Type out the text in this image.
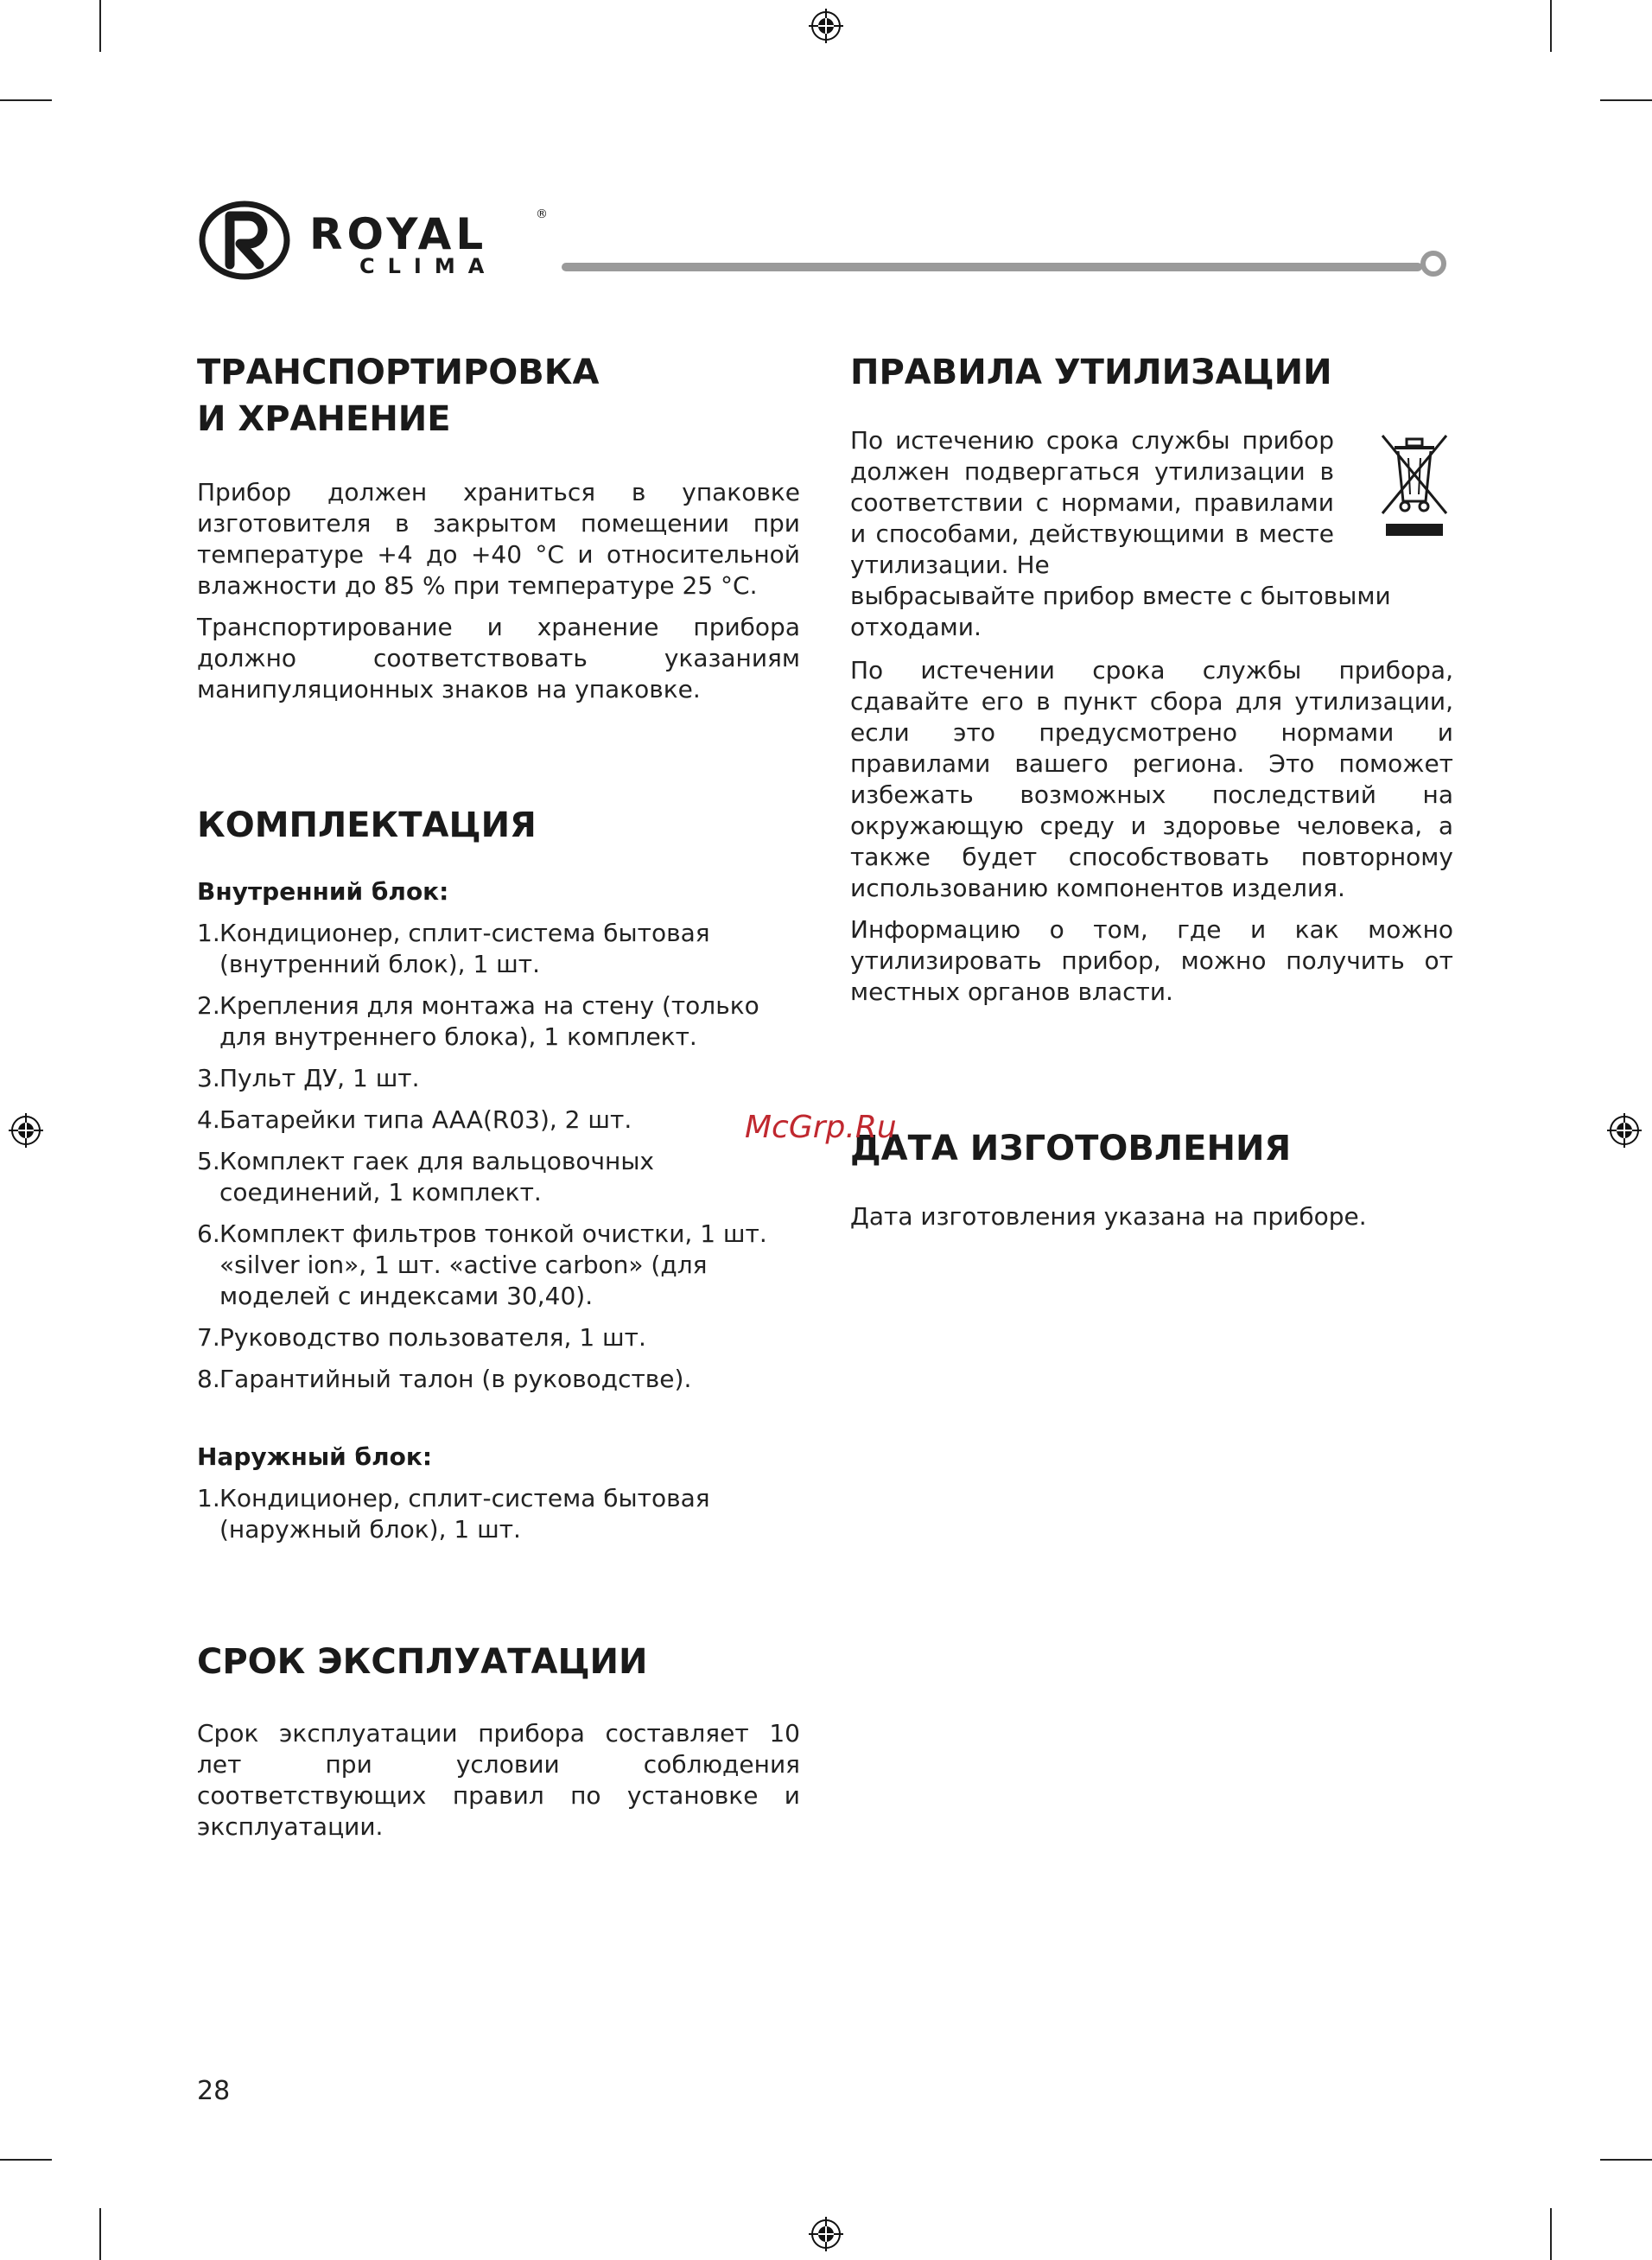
ROYAL	®
CLIMA
ТРАНСПОРТИРОВКА
И ХРАНЕНИЕ

Прибор должен храниться в упаковке изготовителя в закрытом помещении при температуре +4 до +40 °С и относительной влажности до 85 % при температуре 25 °С.

Транспортирование и хранение прибора должно соответствовать указаниям манипуляционных знаков на упаковке.

КОМПЛЕКТАЦИЯ

Внутренний блок:

1. Кондиционер, сплит-система бытовая (внутренний блок), 1 шт.
2. Крепления для монтажа на стену (только для внутреннего блока), 1 комплект.
3. Пульт ДУ, 1 шт.
4. Батарейки типа AAA(R03), 2 шт.
5. Комплект гаек для вальцовочных соединений, 1 комплект.
6. Комплект фильтров тонкой очистки, 1 шт. «silver ion», 1 шт. «active carbon» (для моделей с индексами 30,40).
7. Руководство пользователя, 1 шт.
8. Гарантийный талон (в руководстве).

Наружный блок:

1. Кондиционер, сплит-система бытовая (наружный блок), 1 шт.
СРОК ЭКСПЛУАТАЦИИ

Срок эксплуатации прибора составляет 10 лет при условии соблюдения соответствующих правил по установке и эксплуатации.

ПРАВИЛА УТИЛИЗАЦИИ

По истечению срока службы прибор должен подвергаться утилизации в соответствии с нормами, правилами и способами, действующими в месте утилизации. Не

выбрасывайте прибор вместе с бытовыми отходами.

По истечении срока службы прибора, сдавайте его в пункт сбора для утилизации, если это предусмотрено нормами и правилами вашего региона. Это поможет избежать возможных последствий на окружающую среду и здоровье человека, а также будет способствовать повторному использованию компонентов изделия.

Информацию о том, где и как можно утилизировать прибор, можно получить от местных органов власти.

ДАТА ИЗГОТОВЛЕНИЯ

Дата изготовления указана на приборе.

McGrp.Ru
28
